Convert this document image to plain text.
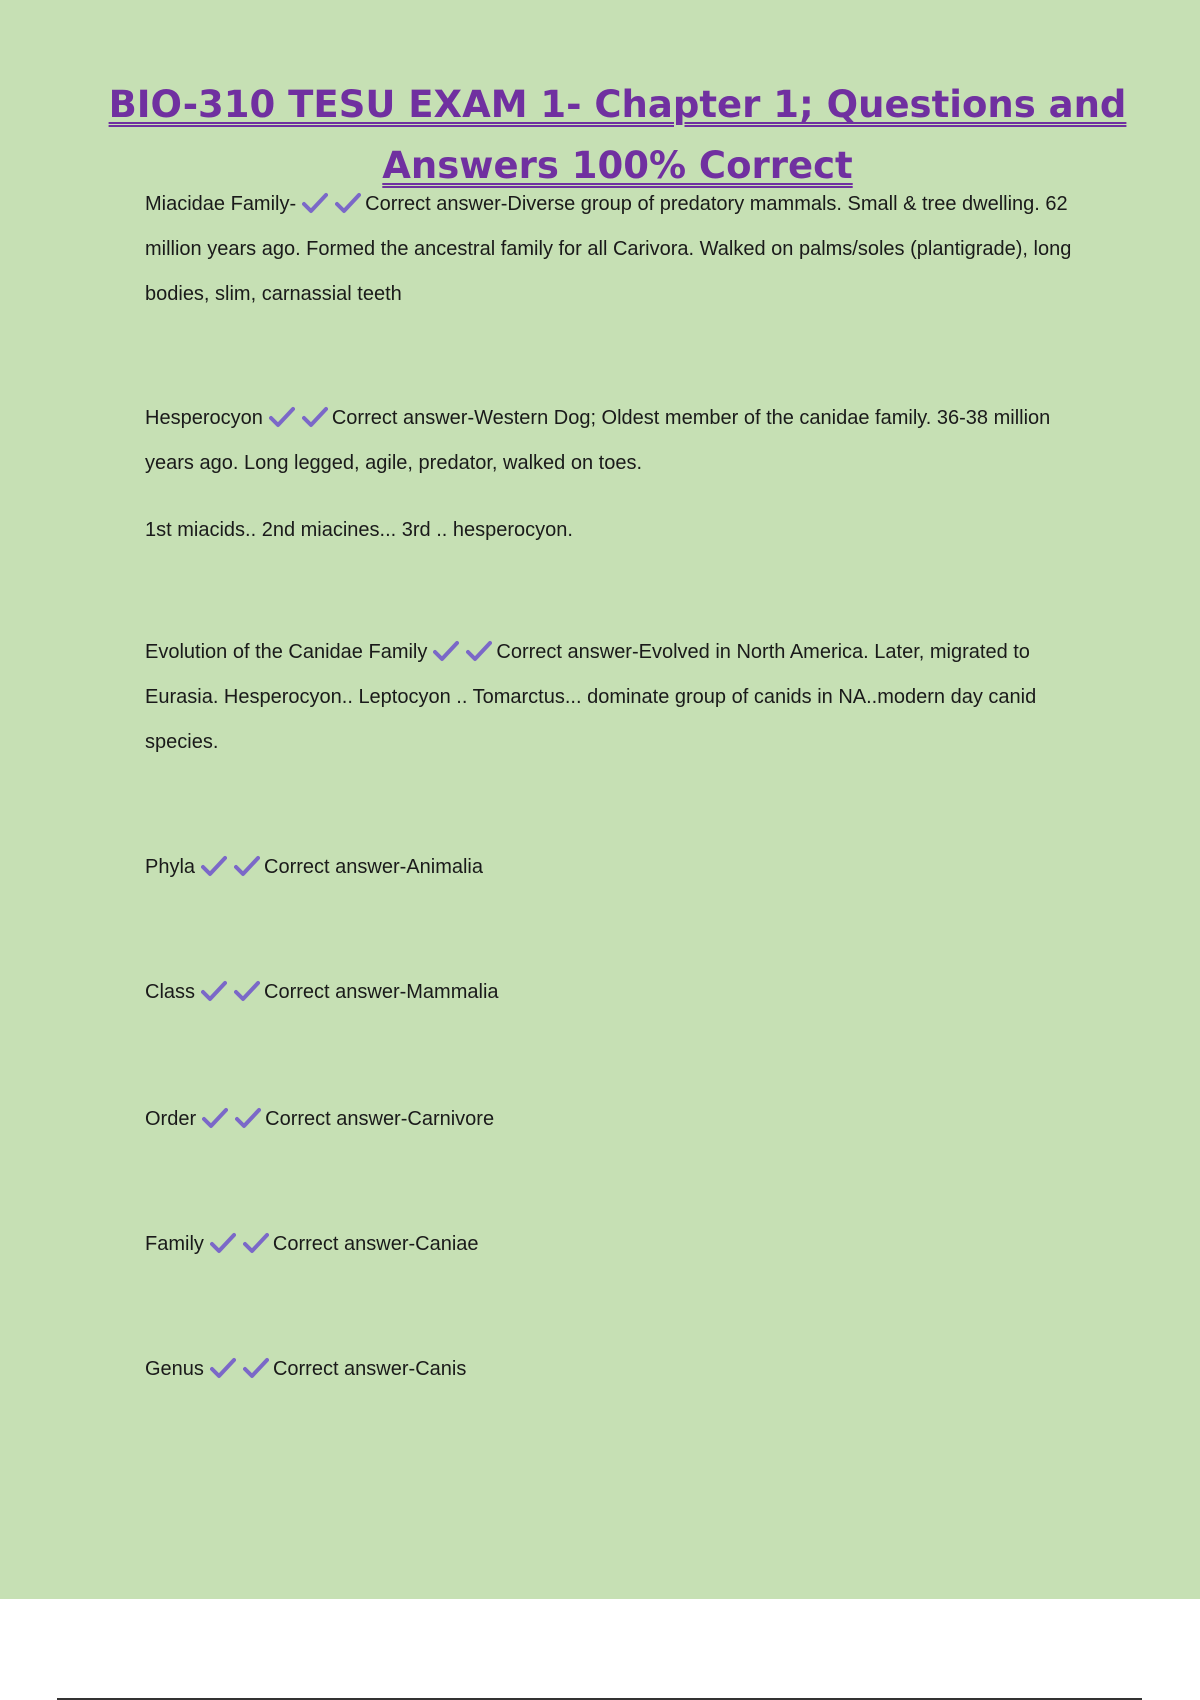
BIO-310 TESU EXAM 1- Chapter 1; Questions and Answers 100% Correct

Miacidae Family-	Correct answer-Diverse group of predatory mammals. Small & tree dwelling. 62 million years ago. Formed the ancestral family for all Carivora. Walked on palms/soles (plantigrade), long bodies, slim, carnassial teeth

Hesperocyon	Correct answer-Western Dog; Oldest member of the canidae family. 36-38 million years ago. Long legged, agile, predator, walked on toes.

1st miacids.. 2nd miacines... 3rd .. hesperocyon.

Evolution of the Canidae Family	Correct answer-Evolved in North America. Later, migrated to Eurasia. Hesperocyon.. Leptocyon .. Tomarctus... dominate group of canids in NA..modern day canid species.

Phyla	Correct answer-Animalia

Class	Correct answer-Mammalia

Order	Correct answer-Carnivore

Family	Correct answer-Caniae

Genus	Correct answer-Canis
